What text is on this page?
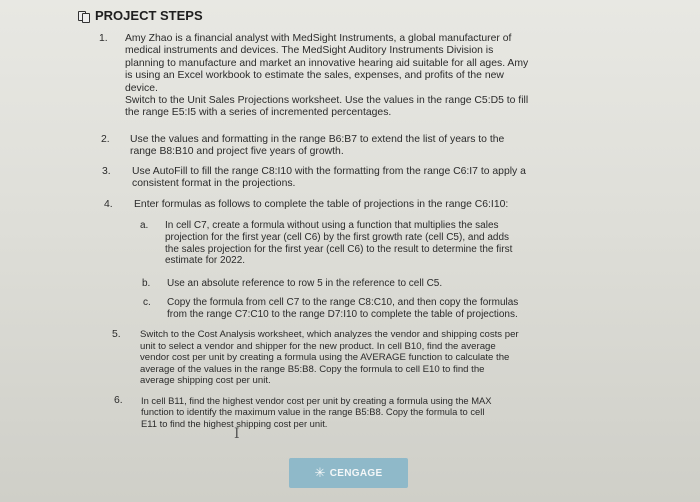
PROJECT STEPS
1. Amy Zhao is a financial analyst with MedSight Instruments, a global manufacturer of
medical instruments and devices. The MedSight Auditory Instruments Division is
planning to manufacture and market an innovative hearing aid suitable for all ages. Amy
is using an Excel workbook to estimate the sales, expenses, and profits of the new
device.
Switch to the Unit Sales Projections worksheet. Use the values in the range C5:D5 to fill
the range E5:I5 with a series of incremented percentages.
2. Use the values and formatting in the range B6:B7 to extend the list of years to the
range B8:B10 and project five years of growth.
3. Use AutoFill to fill the range C8:I10 with the formatting from the range C6:I7 to apply a
consistent format in the projections.
4. Enter formulas as follows to complete the table of projections in the range C6:I10:
a. In cell C7, create a formula without using a function that multiplies the sales
projection for the first year (cell C6) by the first growth rate (cell C5), and adds
the sales projection for the first year (cell C6) to the result to determine the first
estimate for 2022.
b. Use an absolute reference to row 5 in the reference to cell C5.
c. Copy the formula from cell C7 to the range C8:C10, and then copy the formulas
from the range C7:C10 to the range D7:I10 to complete the table of projections.
5. Switch to the Cost Analysis worksheet, which analyzes the vendor and shipping costs per
unit to select a vendor and shipper for the new product. In cell B10, find the average
vendor cost per unit by creating a formula using the AVERAGE function to calculate the
average of the values in the range B5:B8. Copy the formula to cell E10 to find the
average shipping cost per unit.
6. In cell B11, find the highest vendor cost per unit by creating a formula using the MAX
function to identify the maximum value in the range B5:B8. Copy the formula to cell
E11 to find the highest shipping cost per unit.
I
✳ CENGAGE
